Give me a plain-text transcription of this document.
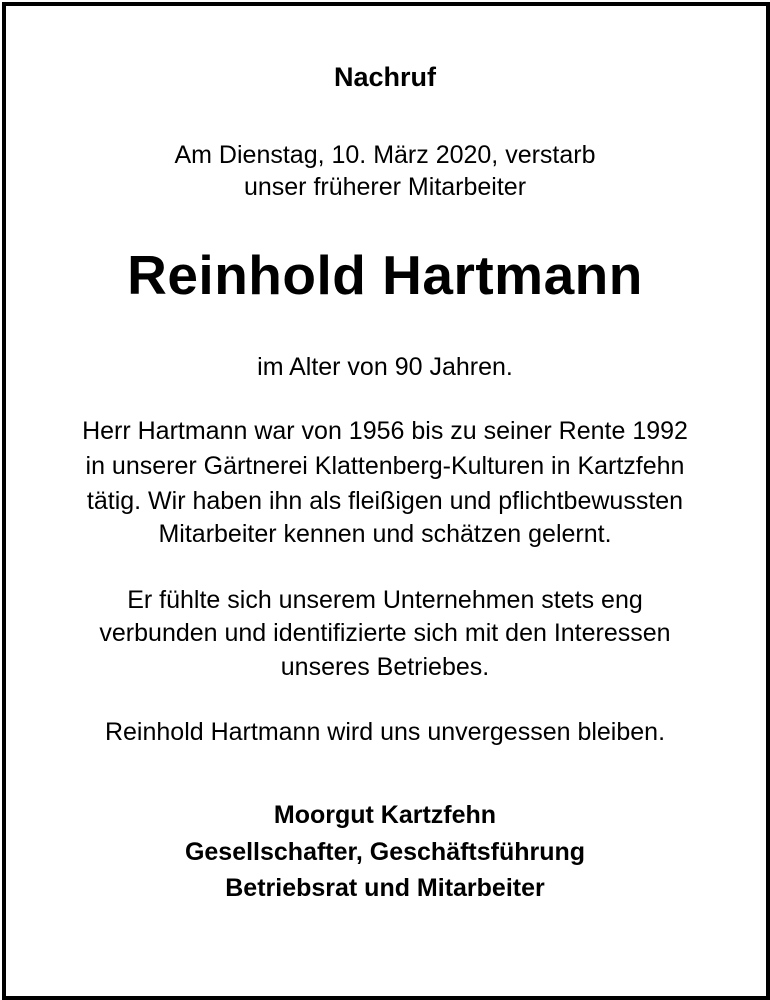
Nachruf
Am Dienstag, 10. März 2020, verstarb
unser früherer Mitarbeiter
Reinhold Hartmann
im Alter von 90 Jahren.
Herr Hartmann war von 1956 bis zu seiner Rente 1992
in unserer Gärtnerei Klattenberg-Kulturen in Kartzfehn
tätig. Wir haben ihn als fleißigen und pflichtbewussten
Mitarbeiter kennen und schätzen gelernt.
Er fühlte sich unserem Unternehmen stets eng
verbunden und identifizierte sich mit den Interessen
unseres Betriebes.
Reinhold Hartmann wird uns unvergessen bleiben.
Moorgut Kartzfehn
Gesellschafter, Geschäftsführung
Betriebsrat und Mitarbeiter
